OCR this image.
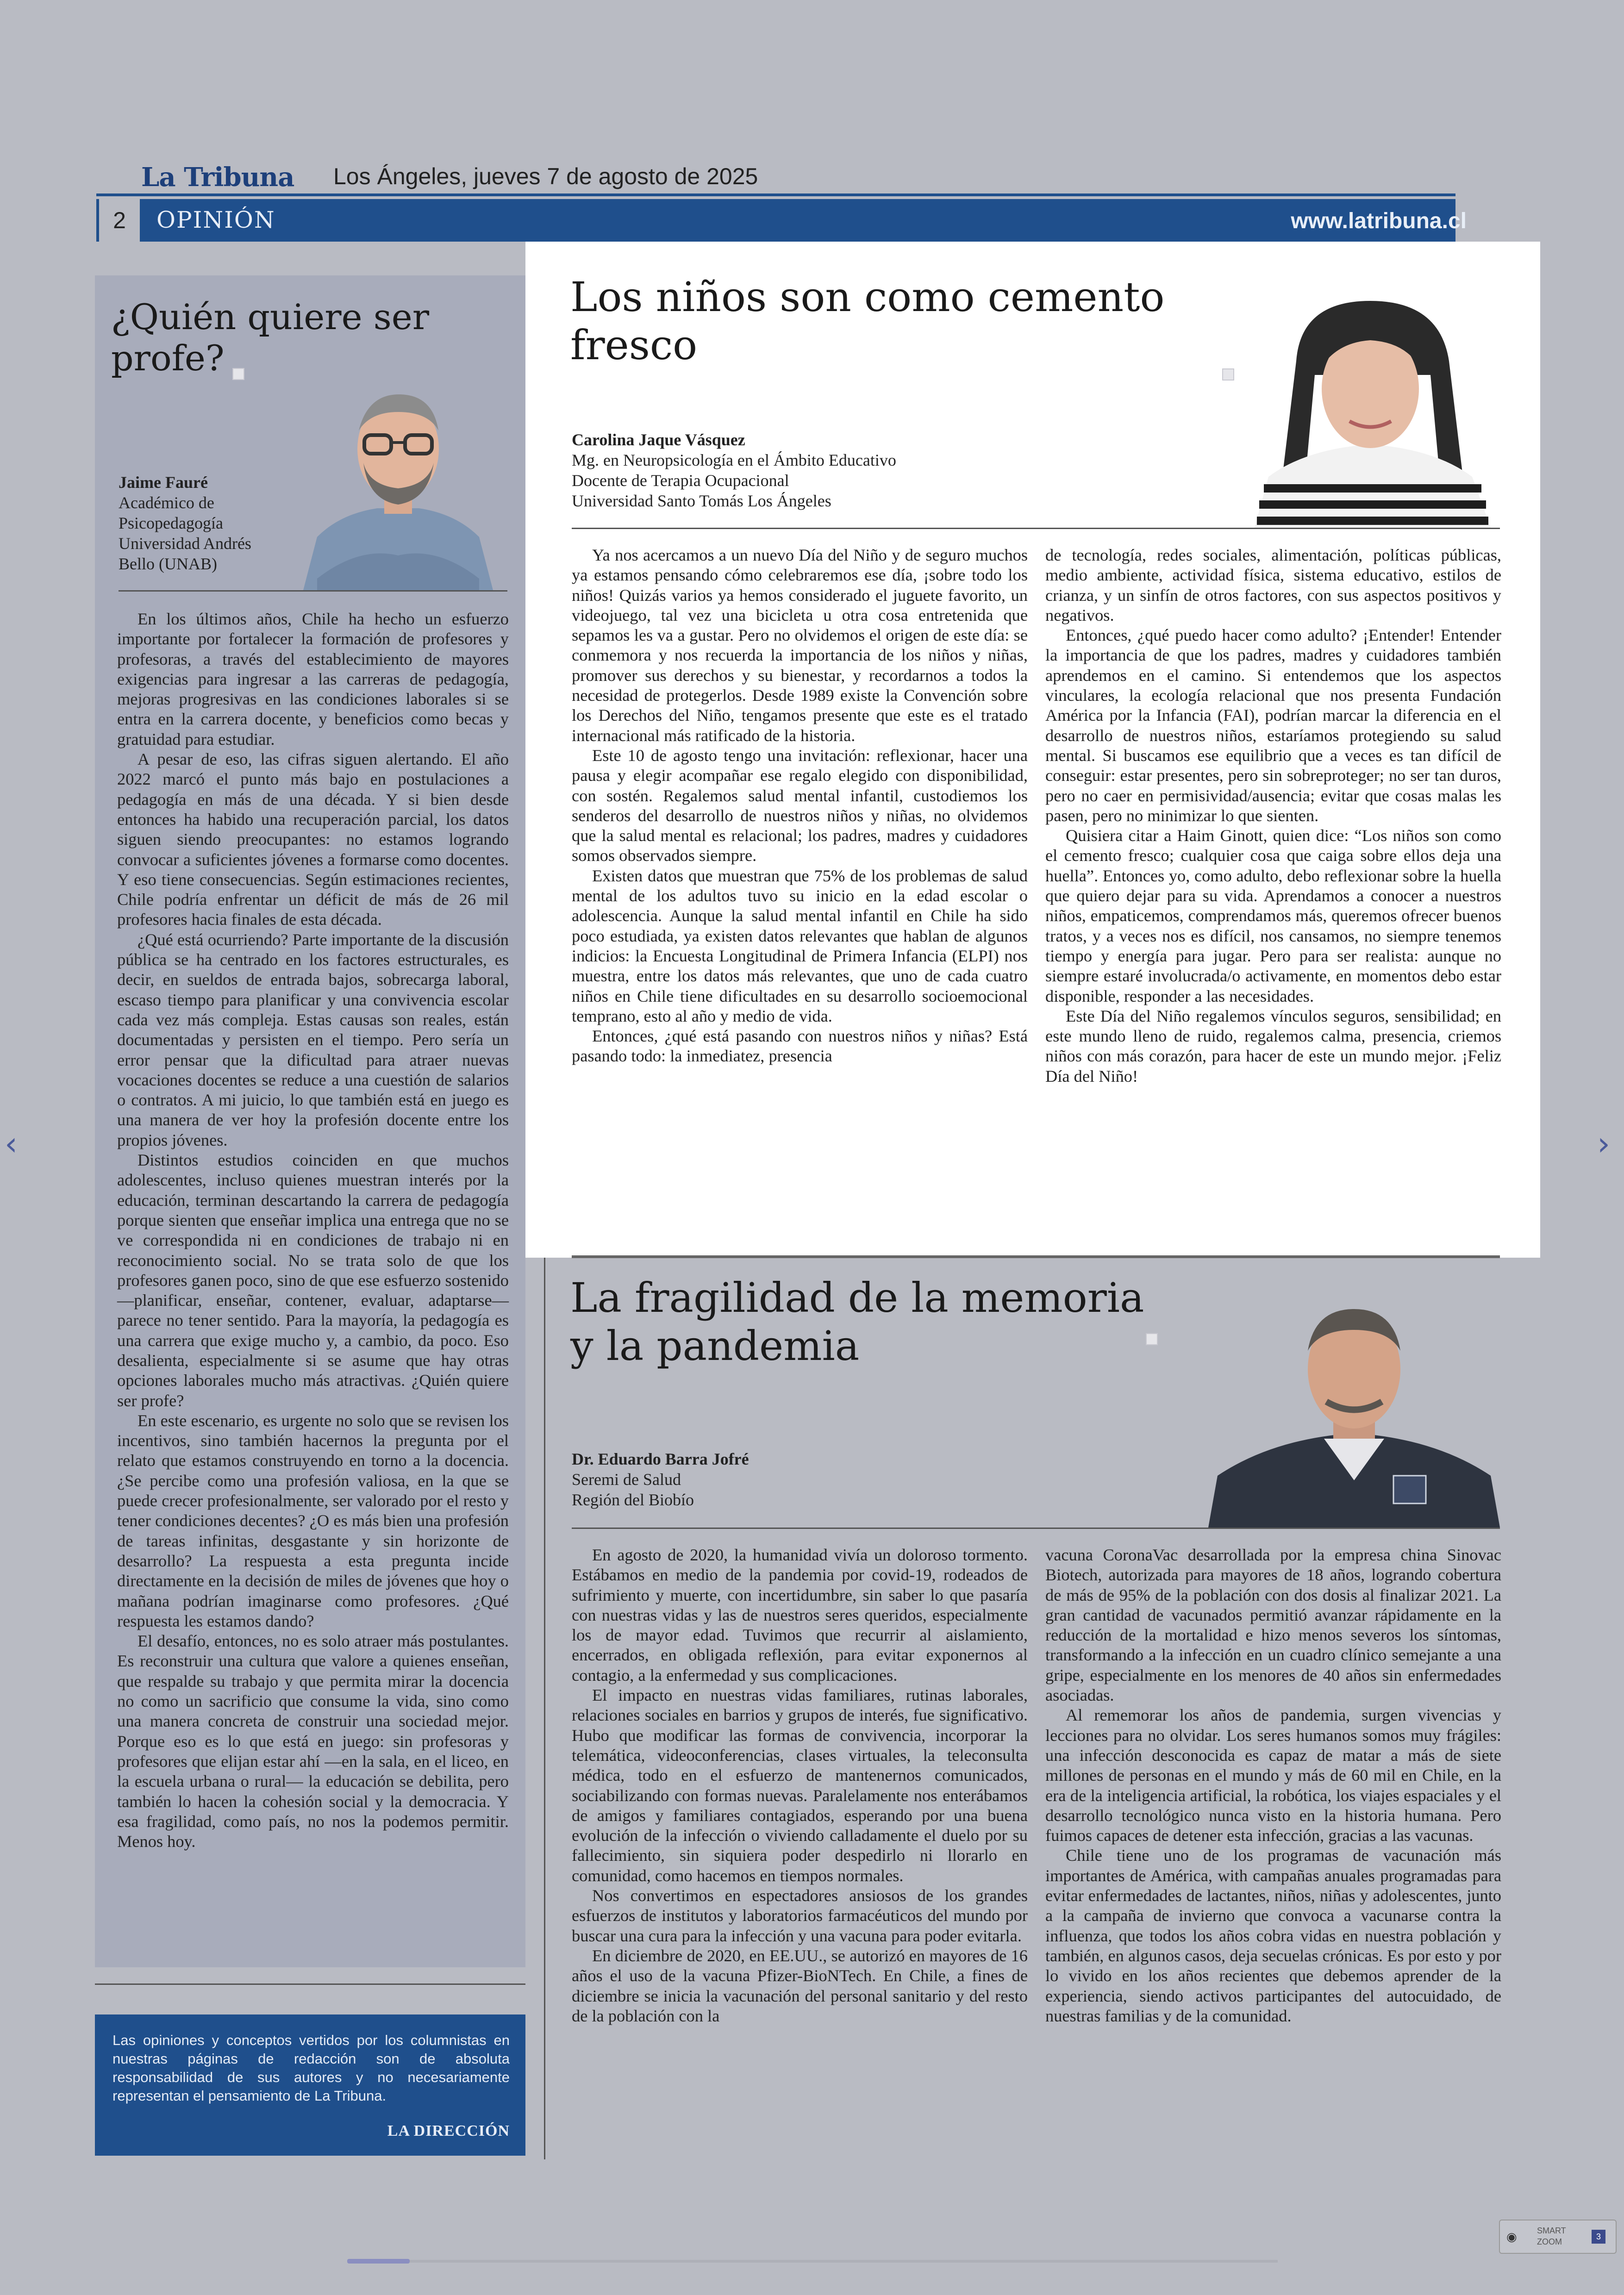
La Tribuna Los Ángeles, jueves 7 de agosto de 2025
2	OPINIÓN	www.latribuna.cl
¿Quién quiere ser profe?
Jaime Fauré
Académico de
Psicopedagogía
Universidad Andrés
Bello (UNAB)

En los últimos años, Chile ha hecho un esfuerzo importante por fortalecer la formación de profesores y profesoras, a través del establecimiento de mayores exigencias para ingresar a las carreras de pedagogía, mejoras progresivas en las condiciones laborales si se entra en la carrera docente, y beneficios como becas y gratuidad para estudiar.

A pesar de eso, las cifras siguen alertando. El año 2022 marcó el punto más bajo en postulaciones a pedagogía en más de una década. Y si bien desde entonces ha habido una recuperación parcial, los datos siguen siendo preocupantes: no estamos logrando convocar a suficientes jóvenes a formarse como docentes. Y eso tiene consecuencias. Según estimaciones recientes, Chile podría enfrentar un déficit de más de 26 mil profesores hacia finales de esta década.

¿Qué está ocurriendo? Parte importante de la discusión pública se ha centrado en los factores estructurales, es decir, en sueldos de entrada bajos, sobrecarga laboral, escaso tiempo para planificar y una convivencia escolar cada vez más compleja. Estas causas son reales, están documentadas y persisten en el tiempo. Pero sería un error pensar que la dificultad para atraer nuevas vocaciones docentes se reduce a una cuestión de salarios o contratos. A mi juicio, lo que también está en juego es una manera de ver hoy la profesión docente entre los propios jóvenes.

Distintos estudios coinciden en que muchos adolescentes, incluso quienes muestran interés por la educación, terminan descartando la carrera de pedagogía porque sienten que enseñar implica una entrega que no se ve correspondida ni en condiciones de trabajo ni en reconocimiento social. No se trata solo de que los profesores ganen poco, sino de que ese esfuerzo sostenido —planificar, enseñar, contener, evaluar, adaptarse— parece no tener sentido. Para la mayoría, la pedagogía es una carrera que exige mucho y, a cambio, da poco. Eso desalienta, especialmente si se asume que hay otras opciones laborales mucho más atractivas. ¿Quién quiere ser profe?

En este escenario, es urgente no solo que se revisen los incentivos, sino también hacernos la pregunta por el relato que estamos construyendo en torno a la docencia. ¿Se percibe como una profesión valiosa, en la que se puede crecer profesionalmente, ser valorado por el resto y tener condiciones decentes? ¿O es más bien una profesión de tareas infinitas, desgastante y sin horizonte de desarrollo? La respuesta a esta pregunta incide directamente en la decisión de miles de jóvenes que hoy o mañana podrían imaginarse como profesores. ¿Qué respuesta les estamos dando?

El desafío, entonces, no es solo atraer más postulantes. Es reconstruir una cultura que valore a quienes enseñan, que respalde su trabajo y que permita mirar la docencia no como un sacrificio que consume la vida, sino como una manera concreta de construir una sociedad mejor. Porque eso es lo que está en juego: sin profesoras y profesores que elijan estar ahí —en la sala, en el liceo, en la escuela urbana o rural— la educación se debilita, pero también lo hacen la cohesión social y la democracia. Y esa fragilidad, como país, no nos la podemos permitir. Menos hoy.

Las opiniones y conceptos vertidos por los columnistas en nuestras páginas de redacción son de absoluta responsabilidad de sus autores y no necesariamente representan el pensamiento de La Tribuna.
LA DIRECCIÓN
Los niños son como cemento fresco
Carolina Jaque Vásquez
Mg. en Neuropsicología en el Ámbito Educativo
Docente de Terapia Ocupacional
Universidad Santo Tomás Los Ángeles

Ya nos acercamos a un nuevo Día del Niño y de seguro muchos ya estamos pensando cómo celebraremos ese día, ¡sobre todo los niños! Quizás varios ya hemos considerado el juguete favorito, un videojuego, tal vez una bicicleta u otra cosa entretenida que sepamos les va a gustar. Pero no olvidemos el origen de este día: se conmemora y nos recuerda la importancia de los niños y niñas, promover sus derechos y su bienestar, y recordarnos a todos la necesidad de protegerlos. Desde 1989 existe la Convención sobre los Derechos del Niño, tengamos presente que este es el tratado internacional más ratificado de la historia.

Este 10 de agosto tengo una invitación: reflexionar, hacer una pausa y elegir acompañar ese regalo elegido con disponibilidad, con sostén. Regalemos salud mental infantil, custodiemos los senderos del desarrollo de nuestros niños y niñas, no olvidemos que la salud mental es relacional; los padres, madres y cuidadores somos observados siempre.

Existen datos que muestran que 75% de los problemas de salud mental de los adultos tuvo su inicio en la edad escolar o adolescencia. Aunque la salud mental infantil en Chile ha sido poco estudiada, ya existen datos relevantes que hablan de algunos indicios: la Encuesta Longitudinal de Primera Infancia (ELPI) nos muestra, entre los datos más relevantes, que uno de cada cuatro niños en Chile tiene dificultades en su desarrollo socioemocional temprano, esto al año y medio de vida.

Entonces, ¿qué está pasando con nuestros niños y niñas? Está pasando todo: la inmediatez, presencia

de tecnología, redes sociales, alimentación, políticas públicas, medio ambiente, actividad física, sistema educativo, estilos de crianza, y un sinfín de otros factores, con sus aspectos positivos y negativos.

Entonces, ¿qué puedo hacer como adulto? ¡Entender! Entender la importancia de que los padres, madres y cuidadores también aprendemos en el camino. Si entendemos que los aspectos vinculares, la ecología relacional que nos presenta Fundación América por la Infancia (FAI), podrían marcar la diferencia en el desarrollo de nuestros niños, estaríamos protegiendo su salud mental. Si buscamos ese equilibrio que a veces es tan difícil de conseguir: estar presentes, pero sin sobreproteger; no ser tan duros, pero no caer en permisividad/ausencia; evitar que cosas malas les pasen, pero no minimizar lo que sienten.

Quisiera citar a Haim Ginott, quien dice: “Los niños son como el cemento fresco; cualquier cosa que caiga sobre ellos deja una huella”. Entonces yo, como adulto, debo reflexionar sobre la huella que quiero dejar para su vida. Aprendamos a conocer a nuestros niños, empaticemos, comprendamos más, queremos ofrecer buenos tratos, y a veces nos es difícil, nos cansamos, no siempre tenemos tiempo y energía para jugar. Pero para ser realista: aunque no siempre estaré involucrada/o activamente, en momentos debo estar disponible, responder a las necesidades.

Este Día del Niño regalemos vínculos seguros, sensibilidad; en este mundo lleno de ruido, regalemos calma, presencia, criemos niños con más corazón, para hacer de este un mundo mejor. ¡Feliz Día del Niño!

La fragilidad de la memoria
y la pandemia
Dr. Eduardo Barra Jofré
Seremi de Salud
Región del Biobío

En agosto de 2020, la humanidad vivía un doloroso tormento. Estábamos en medio de la pandemia por covid-19, rodeados de sufrimiento y muerte, con incertidumbre, sin saber lo que pasaría con nuestras vidas y las de nuestros seres queridos, especialmente los de mayor edad. Tuvimos que recurrir al aislamiento, encerrados, en obligada reflexión, para evitar exponernos al contagio, a la enfermedad y sus complicaciones.

El impacto en nuestras vidas familiares, rutinas laborales, relaciones sociales en barrios y grupos de interés, fue significativo. Hubo que modificar las formas de convivencia, incorporar la telemática, videoconferencias, clases virtuales, la teleconsulta médica, todo en el esfuerzo de mantenernos comunicados, sociabilizando con formas nuevas. Paralelamente nos enterábamos de amigos y familiares contagiados, esperando por una buena evolución de la infección o viviendo calladamente el duelo por su fallecimiento, sin siquiera poder despedirlo ni llorarlo en comunidad, como hacemos en tiempos normales.

Nos convertimos en espectadores ansiosos de los grandes esfuerzos de institutos y laboratorios farmacéuticos del mundo por buscar una cura para la infección y una vacuna para poder evitarla.

En diciembre de 2020, en EE.UU., se autorizó en mayores de 16 años el uso de la vacuna Pfizer-BioNTech. En Chile, a fines de diciembre se inicia la vacunación del personal sanitario y del resto de la población con la

vacuna CoronaVac desarrollada por la empresa china Sinovac Biotech, autorizada para mayores de 18 años, logrando cobertura de más de 95% de la población con dos dosis al finalizar 2021. La gran cantidad de vacunados permitió avanzar rápidamente en la reducción de la mortalidad e hizo menos severos los síntomas, transformando a la infección en un cuadro clínico semejante a una gripe, especialmente en los menores de 40 años sin enfermedades asociadas.

Al rememorar los años de pandemia, surgen vivencias y lecciones para no olvidar. Los seres humanos somos muy frágiles: una infección desconocida es capaz de matar a más de siete millones de personas en el mundo y más de 60 mil en Chile, en la era de la inteligencia artificial, la robótica, los viajes espaciales y el desarrollo tecnológico nunca visto en la historia humana. Pero fuimos capaces de detener esta infección, gracias a las vacunas.

Chile tiene uno de los programas de vacunación más importantes de América, with campañas anuales programadas para evitar enfermedades de lactantes, niños, niñas y adolescentes, junto a la campaña de invierno que convoca a vacunarse contra la influenza, que todos los años cobra vidas en nuestra población y también, en algunos casos, deja secuelas crónicas. Es por esto y por lo vivido en los años recientes que debemos aprender de la experiencia, siendo activos participantes del autocuidado, de nuestras familias y de la comunidad.

‹	›
◉ SMART
ZOOM
3
